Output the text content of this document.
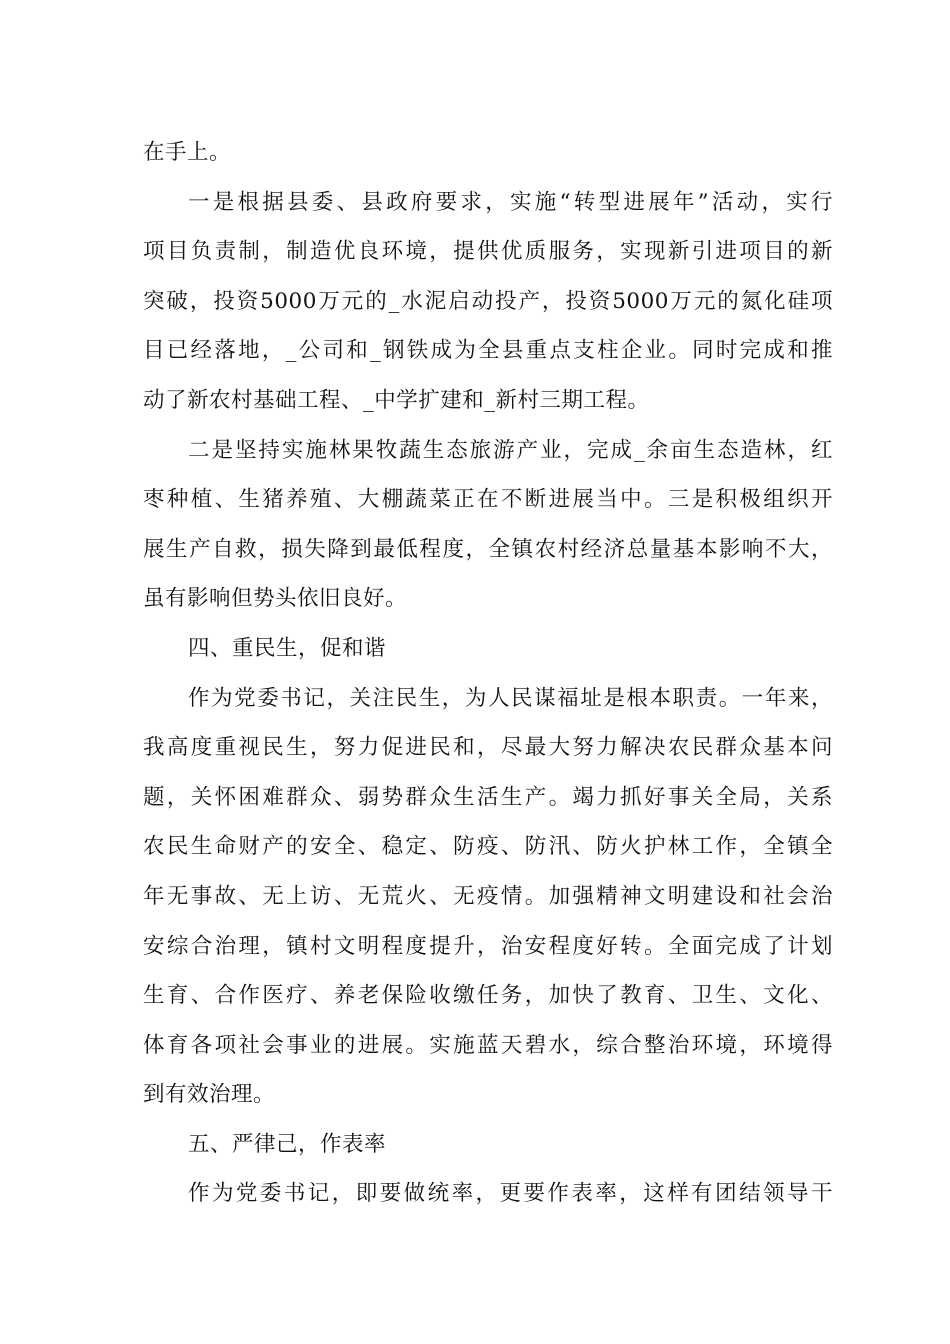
在手上。
一是根据县委、县政府要求，实施“转型进展年”活动，实行
项目负责制，制造优良环境，提供优质服务，实现新引进项目的新
突破，投资5000万元的_水泥启动投产，投资5000万元的氮化硅项
目已经落地，_公司和_钢铁成为全县重点支柱企业。同时完成和推
动了新农村基础工程、_中学扩建和_新村三期工程。
二是坚持实施林果牧蔬生态旅游产业，完成_余亩生态造林，红
枣种植、生猪养殖、大棚蔬菜正在不断进展当中。三是积极组织开
展生产自救，损失降到最低程度，全镇农村经济总量基本影响不大，
虽有影响但势头依旧良好。
四、重民生，促和谐
作为党委书记，关注民生，为人民谋福址是根本职责。一年来，
我高度重视民生，努力促进民和，尽最大努力解决农民群众基本问
题，关怀困难群众、弱势群众生活生产。竭力抓好事关全局，关系
农民生命财产的安全、稳定、防疫、防汛、防火护林工作，全镇全
年无事故、无上访、无荒火、无疫情。加强精神文明建设和社会治
安综合治理，镇村文明程度提升，治安程度好转。全面完成了计划
生育、合作医疗、养老保险收缴任务，加快了教育、卫生、文化、
体育各项社会事业的进展。实施蓝天碧水，综合整治环境，环境得
到有效治理。
五、严律己，作表率
作为党委书记，即要做统率，更要作表率，这样有团结领导干
